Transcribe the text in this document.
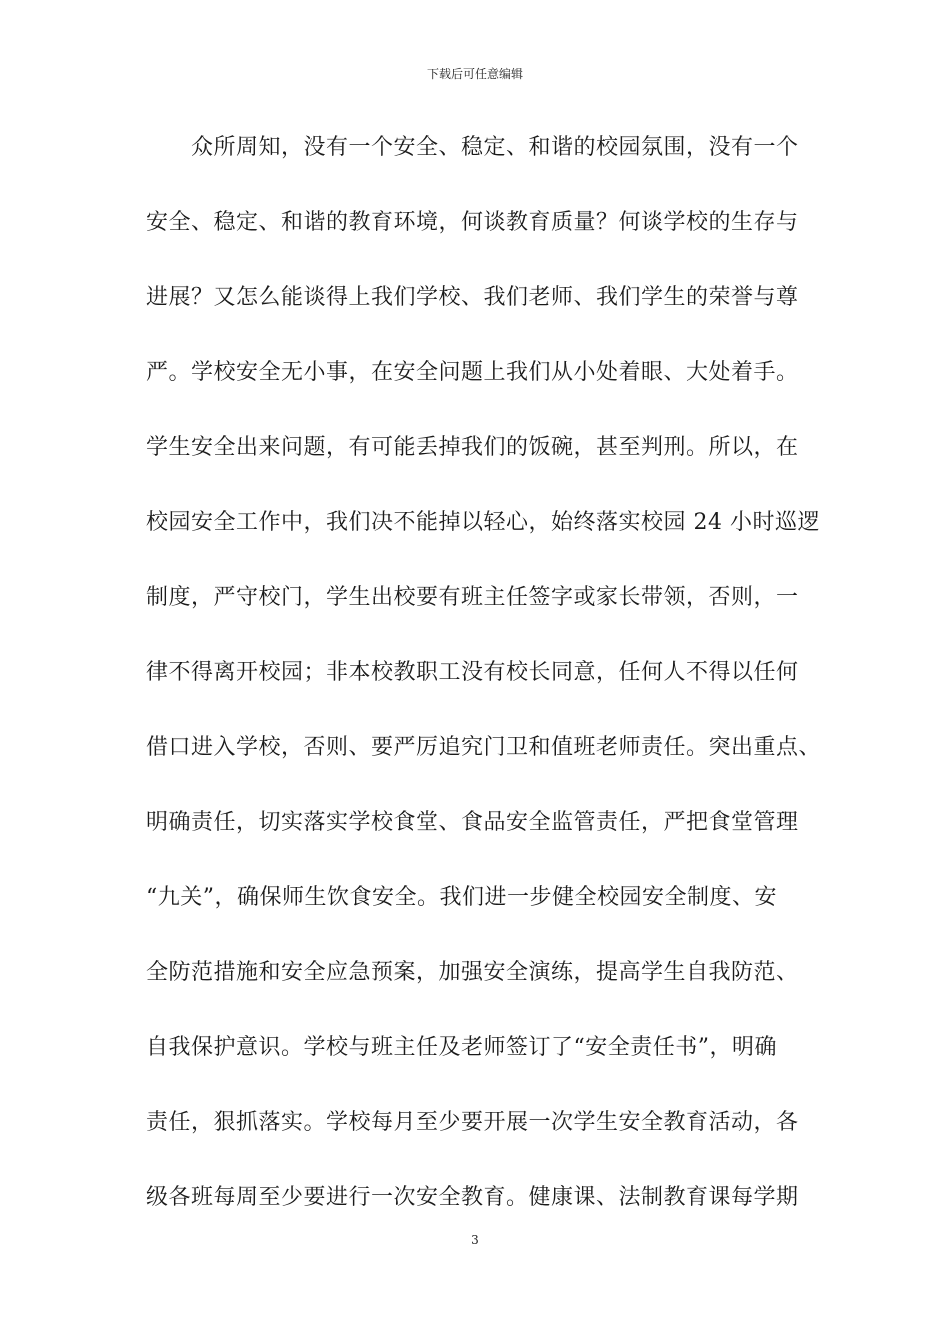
下载后可任意编辑
　　众所周知，没有一个安全、稳定、和谐的校园氛围，没有一个
安全、稳定、和谐的教育环境，何谈教育质量？何谈学校的生存与
进展？又怎么能谈得上我们学校、我们老师、我们学生的荣誉与尊
严。学校安全无小事，在安全问题上我们从小处着眼、大处着手。
学生安全出来问题，有可能丢掉我们的饭碗，甚至判刑。所以，在
校园安全工作中，我们决不能掉以轻心，始终落实校园 24 小时巡逻
制度，严守校门，学生出校要有班主任签字或家长带领，否则，一
律不得离开校园；非本校教职工没有校长同意，任何人不得以任何
借口进入学校，否则、要严厉追究门卫和值班老师责任。突出重点、
明确责任，切实落实学校食堂、食品安全监管责任，严把食堂管理
“九关”，确保师生饮食安全。我们进一步健全校园安全制度、安
全防范措施和安全应急预案，加强安全演练，提高学生自我防范、
自我保护意识。学校与班主任及老师签订了“安全责任书”，明确
责任，狠抓落实。学校每月至少要开展一次学生安全教育活动，各
级各班每周至少要进行一次安全教育。健康课、法制教育课每学期
3
